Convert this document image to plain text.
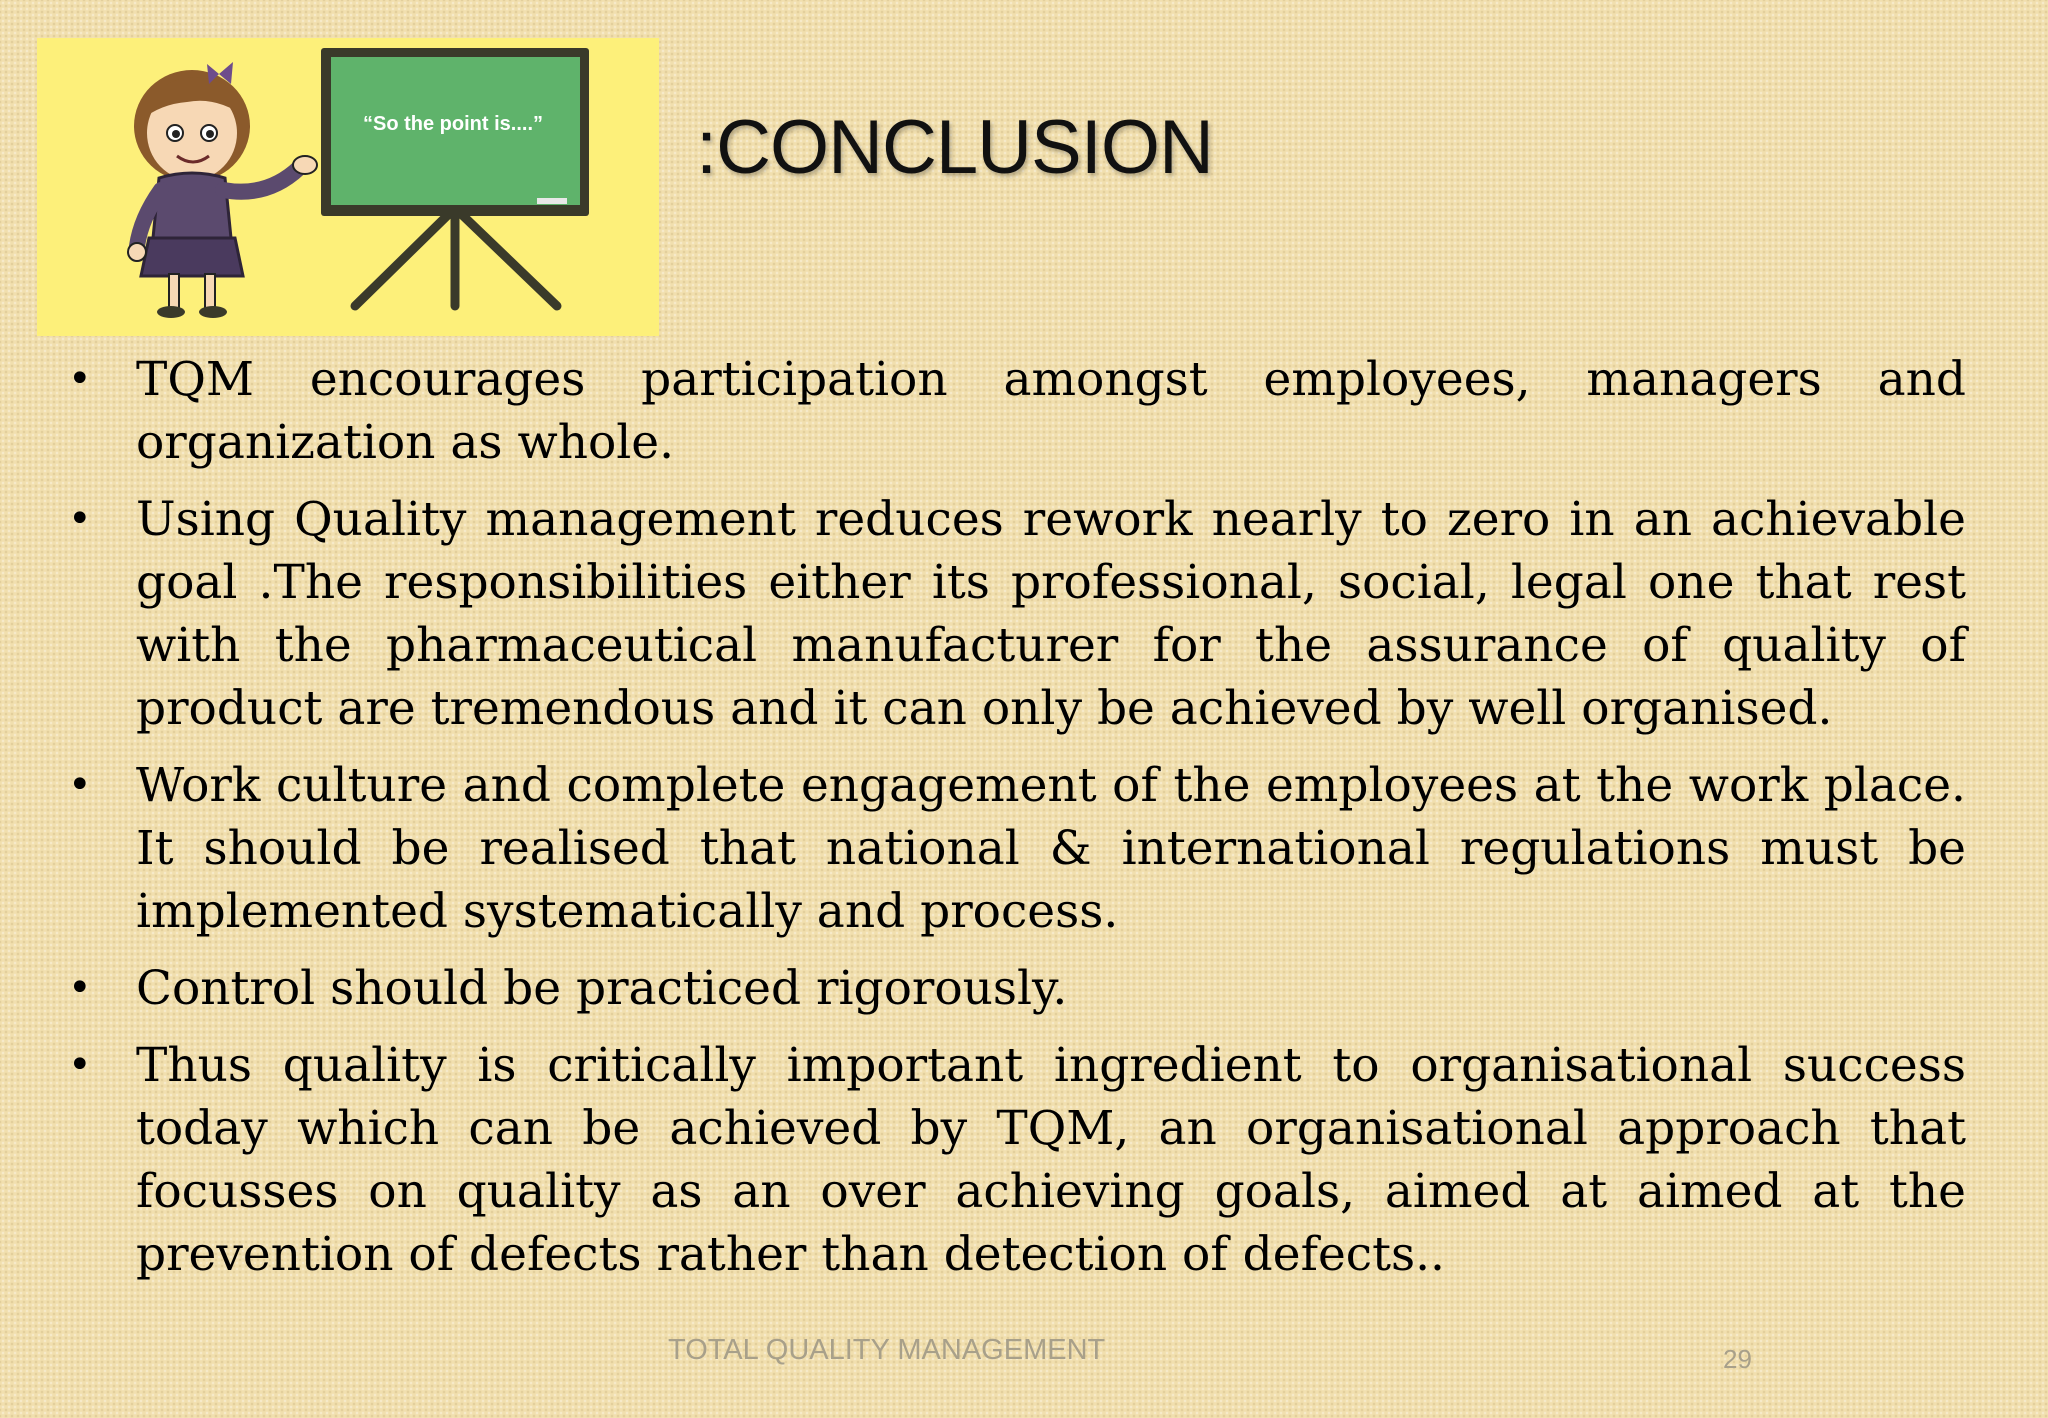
“So the point is....” :CONCLUSION
• TQM encourages participation amongst employees, managers and organization as whole.
• Using Quality management reduces rework nearly to zero in an achievable goal .The responsibilities either its professional, social, legal one that rest with the pharmaceutical manufacturer for the assurance of quality of product are tremendous and it can only be achieved by well organised.
• Work culture and complete engagement of the employees at the work place. It should be realised that national & international regulations must be implemented systematically and process.
• Control should be practiced rigorously.
• Thus quality is critically important ingredient to organisational success today which can be achieved by TQM, an organisational approach that focusses on quality as an over achieving goals, aimed at aimed at the prevention of defects rather than detection of defects..
TOTAL QUALITY MANAGEMENT	29
